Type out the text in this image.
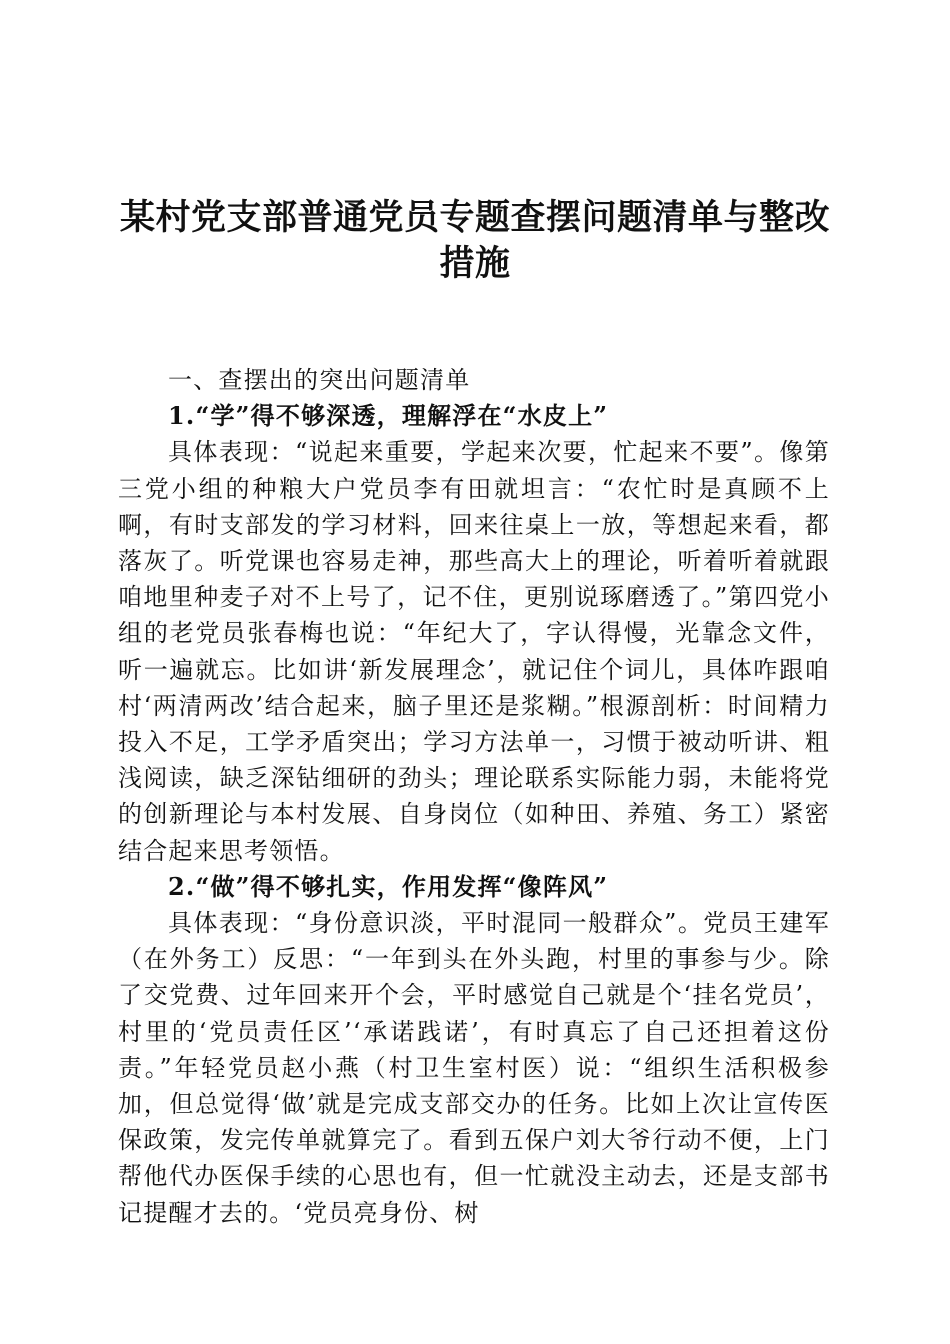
某村党支部普通党员专题查摆问题清单与整改
措施

一、查摆出的突出问题清单

1.“学”得不够深透，理解浮在“水皮上”

具体表现：“说起来重要，学起来次要，忙起来不要”。像第三党小组的种粮大户党员李有田就坦言：“农忙时是真顾不上啊，有时支部发的学习材料，回来往桌上一放，等想起来看，都落灰了。听党课也容易走神，那些高大上的理论，听着听着就跟咱地里种麦子对不上号了，记不住，更别说琢磨透了。”第四党小组的老党员张春梅也说：“年纪大了，字认得慢，光靠念文件，听一遍就忘。比如讲‘新发展理念’，就记住个词儿，具体咋跟咱村‘两清两改’结合起来，脑子里还是浆糊。”根源剖析：时间精力投入不足，工学矛盾突出；学习方法单一，习惯于被动听讲、粗浅阅读，缺乏深钻细研的劲头；理论联系实际能力弱，未能将党的创新理论与本村发展、自身岗位（如种田、养殖、务工）紧密结合起来思考领悟。

2.“做”得不够扎实，作用发挥“像阵风”

具体表现：“身份意识淡，平时混同一般群众”。党员王建军（在外务工）反思：“一年到头在外头跑，村里的事参与少。除了交党费、过年回来开个会，平时感觉自己就是个‘挂名党员’，村里的‘党员责任区’‘承诺践诺’，有时真忘了自己还担着这份责。”年轻党员赵小燕（村卫生室村医）说：“组织生活积极参加，但总觉得‘做’就是完成支部交办的任务。比如上次让宣传医保政策，发完传单就算完了。看到五保户刘大爷行动不便，上门帮他代办医保手续的心思也有，但一忙就没主动去，还是支部书记提醒才去的。‘党员亮身份、树
